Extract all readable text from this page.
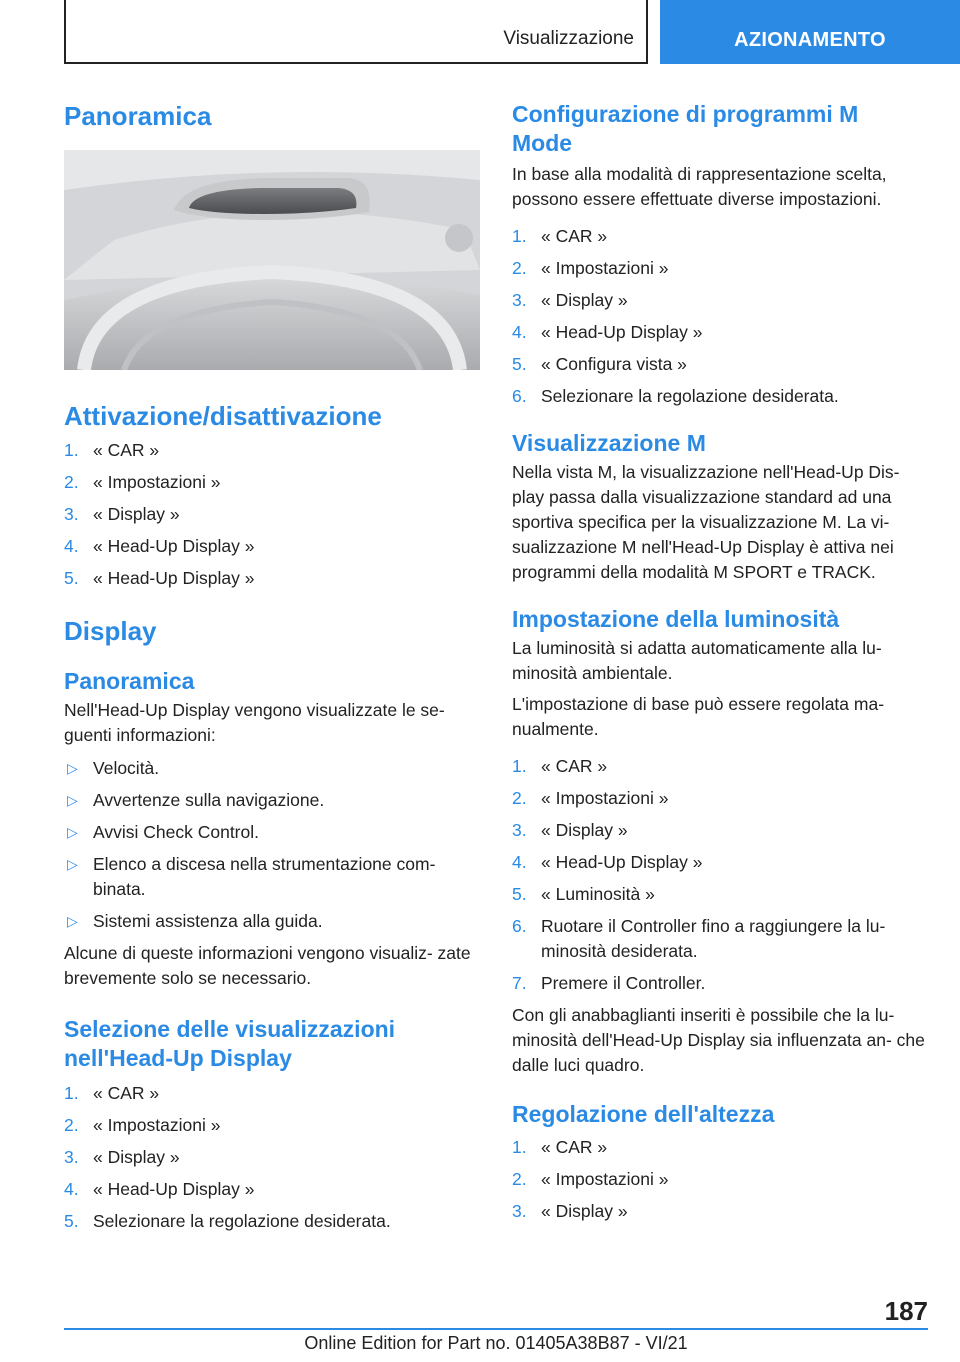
Visualizzazione	AZIONAMENTO
Panoramica
Attivazione/disattivazione
1. « CAR »
2. « Impostazioni »
3. « Display »
4. « Head-Up Display »
5. « Head-Up Display »
Display
Panoramica

Nell'Head-Up Display vengono visualizzate le se- guenti informazioni:

▷ Velocità.
▷ Avvertenze sulla navigazione.
▷ Avvisi Check Control.
▷ Elenco a discesa nella strumentazione com- binata.
▷ Sistemi assistenza alla guida.

Alcune di queste informazioni vengono visualiz- zate brevemente solo se necessario.

Selezione delle visualizzazioni nell'Head-Up Display
1. « CAR »
2. « Impostazioni »
3. « Display »
4. « Head-Up Display »
5. Selezionare la regolazione desiderata.
Configurazione di programmi M Mode

In base alla modalità di rappresentazione scelta, possono essere effettuate diverse impostazioni.

1. « CAR »
2. « Impostazioni »
3. « Display »
4. « Head-Up Display »
5. « Configura vista »
6. Selezionare la regolazione desiderata.
Visualizzazione M

Nella vista M, la visualizzazione nell'Head-Up Dis- play passa dalla visualizzazione standard ad una sportiva specifica per la visualizzazione M. La vi- sualizzazione M nell'Head-Up Display è attiva nei programmi della modalità M SPORT e TRACK.

Impostazione della luminosità

La luminosità si adatta automaticamente alla lu- minosità ambientale.

L'impostazione di base può essere regolata ma- nualmente.

1. « CAR »
2. « Impostazioni »
3. « Display »
4. « Head-Up Display »
5. « Luminosità »
6. Ruotare il Controller fino a raggiungere la lu- minosità desiderata.
7. Premere il Controller.

Con gli anabbaglianti inseriti è possibile che la lu- minosità dell'Head-Up Display sia influenzata an- che dalle luci quadro.

Regolazione dell'altezza
1. « CAR »
2. « Impostazioni »
3. « Display »
187
Online Edition for Part no. 01405A38B87 - VI/21
